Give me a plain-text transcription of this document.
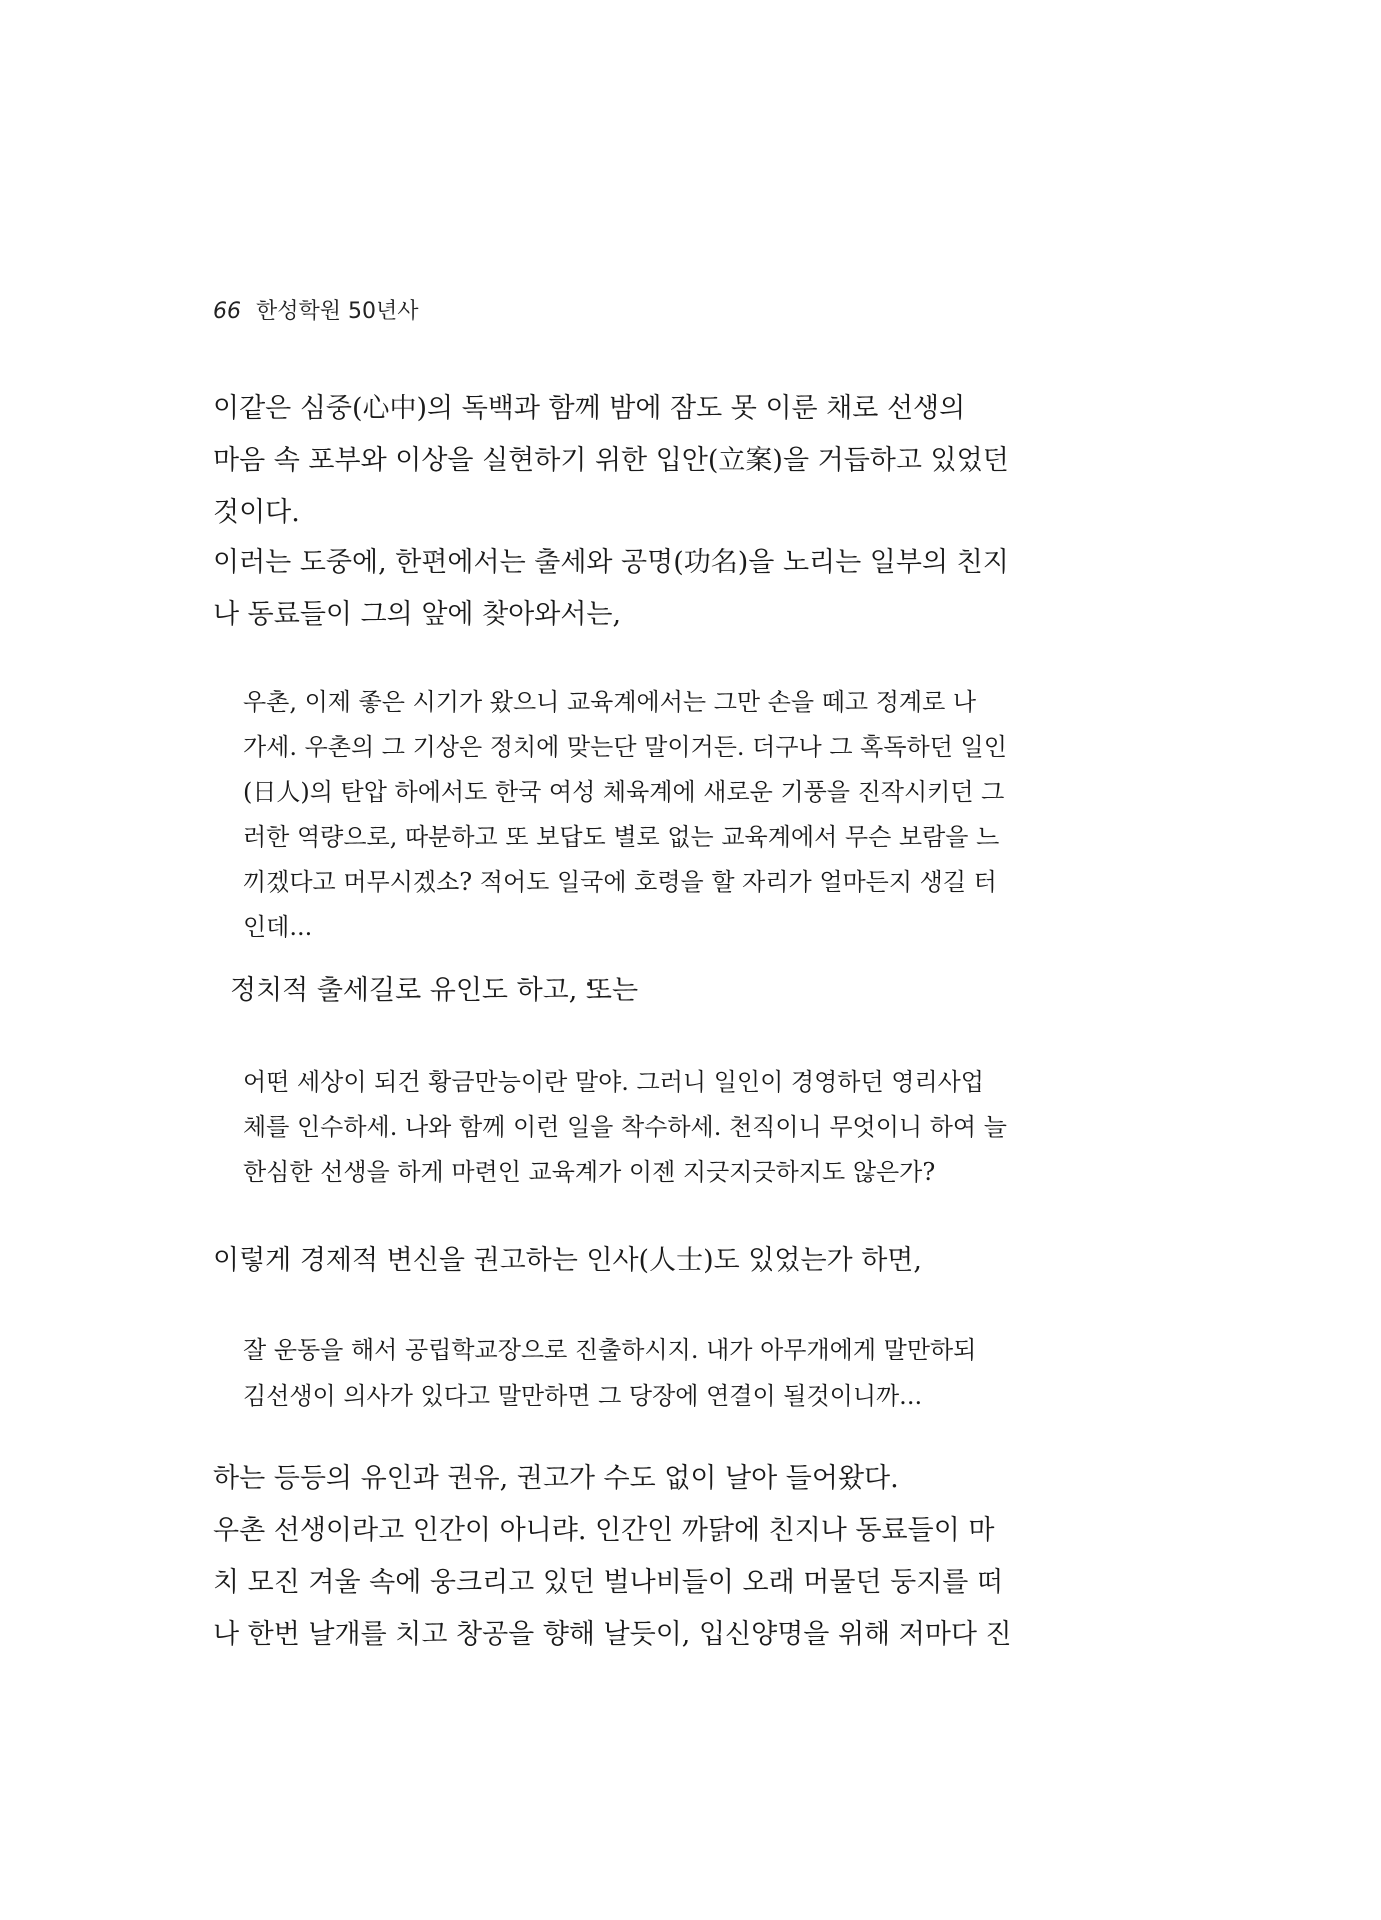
66 한성학원 50년사
이같은 심중(心中)의 독백과 함께 밤에 잠도 못 이룬 채로 선생의
마음 속 포부와 이상을 실현하기 위한 입안(立案)을 거듭하고 있었던
것이다.
이러는 도중에, 한편에서는 출세와 공명(功名)을 노리는 일부의 친지
나 동료들이 그의 앞에 찾아와서는,
우촌, 이제 좋은 시기가 왔으니 교육계에서는 그만 손을 떼고 정계로 나
가세. 우촌의 그 기상은 정치에 맞는단 말이거든. 더구나 그 혹독하던 일인
(日人)의 탄압 하에서도 한국 여성 체육계에 새로운 기풍을 진작시키던 그
러한 역량으로, 따분하고 또 보답도 별로 없는 교육계에서 무슨 보람을 느
끼겠다고 머무시겠소? 적어도 일국에 호령을 할 자리가 얼마든지 생길 터
인데...
정치적 출세길로 유인도 하고, 또는
어떤 세상이 되건 황금만능이란 말야. 그러니 일인이 경영하던 영리사업
체를 인수하세. 나와 함께 이런 일을 착수하세. 천직이니 무엇이니 하여 늘
한심한 선생을 하게 마련인 교육계가 이젠 지긋지긋하지도 않은가?
이렇게 경제적 변신을 권고하는 인사(人士)도 있었는가 하면,
잘 운동을 해서 공립학교장으로 진출하시지. 내가 아무개에게 말만하되
김선생이 의사가 있다고 말만하면 그 당장에 연결이 될것이니까...
하는 등등의 유인과 권유, 권고가 수도 없이 날아 들어왔다.
우촌 선생이라고 인간이 아니랴. 인간인 까닭에 친지나 동료들이 마
치 모진 겨울 속에 웅크리고 있던 벌나비들이 오래 머물던 둥지를 떠
나 한번 날개를 치고 창공을 향해 날듯이, 입신양명을 위해 저마다 진
